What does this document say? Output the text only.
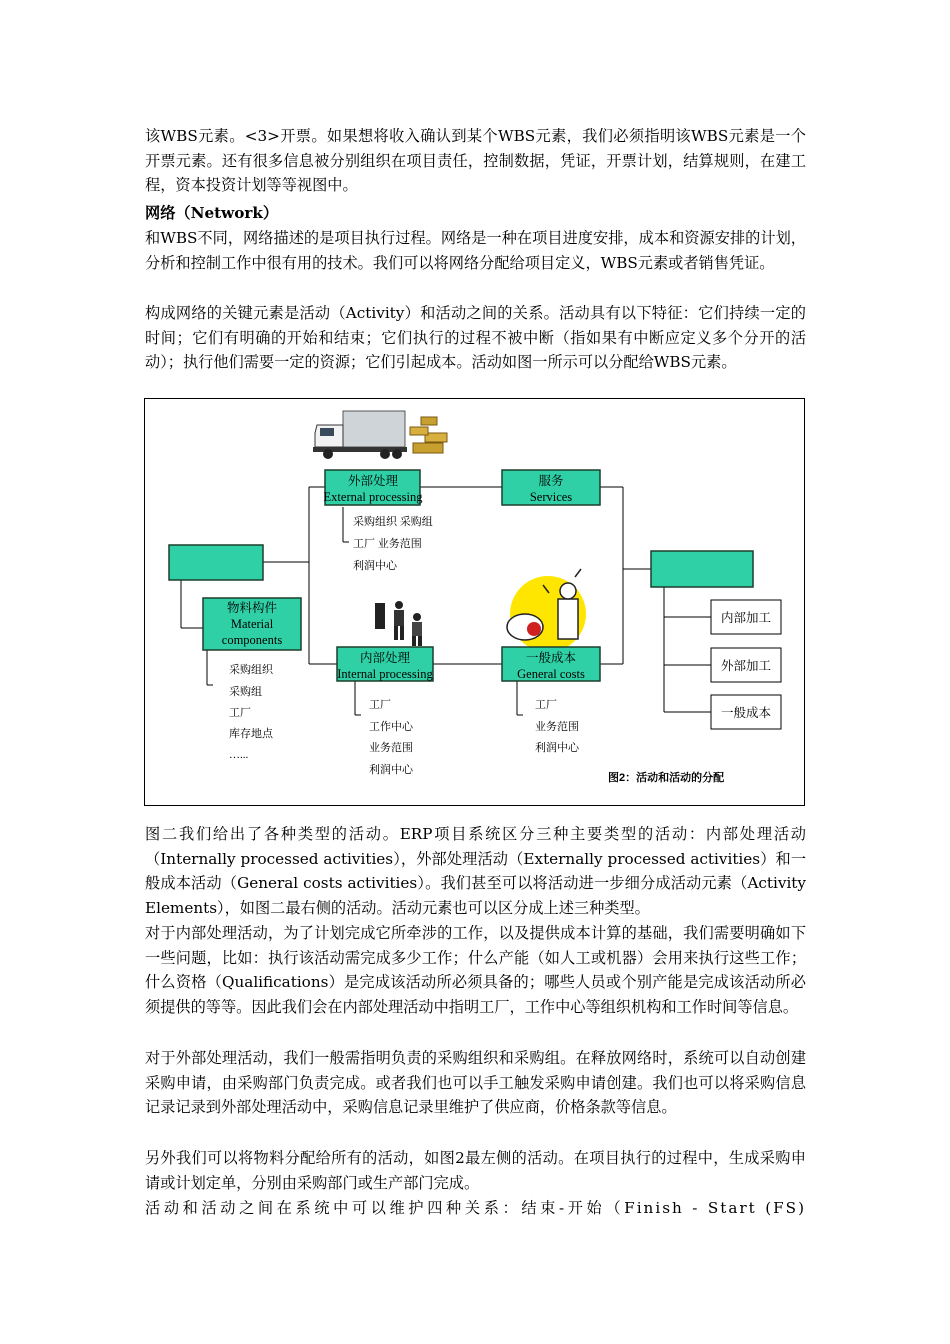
该WBS元素。<3>开票。如果想将收入确认到某个WBS元素，我们必须指明该WBS元素是一个开票元素。还有很多信息被分别组织在项目责任，控制数据，凭证，开票计划，结算规则，在建工程，资本投资计划等等视图中。

网络（Network）

和WBS不同，网络描述的是项目执行过程。网络是一种在项目进度安排，成本和资源安排的计划，分析和控制工作中很有用的技术。我们可以将网络分配给项目定义，WBS元素或者销售凭证。

构成网络的关键元素是活动（Activity）和活动之间的关系。活动具有以下特征：它们持续一定的时间；它们有明确的开始和结束；它们执行的过程不被中断（指如果有中断应定义多个分开的活动）；执行他们需要一定的资源；它们引起成本。活动如图一所示可以分配给WBS元素。

外部处理
External processing
采购组织 采购组
工厂 业务范围
利润中心
服务
Services
物料构件
Material
components
采购组织
采购组
工厂
库存地点
…...
内部处理
Internal processing
工厂
工作中心
业务范围
利润中心
一般成本
General costs
工厂
业务范围
利润中心
内部加工
外部加工
一般成本
图2：活动和活动的分配

图二我们给出了各种类型的活动。ERP项目系统区分三种主要类型的活动：内部处理活动（Internally processed activities），外部处理活动（Externally processed activities）和一般成本活动（General costs activities）。我们甚至可以将活动进一步细分成活动元素（Activity Elements），如图二最右侧的活动。活动元素也可以区分成上述三种类型。

对于内部处理活动，为了计划完成它所牵涉的工作，以及提供成本计算的基础，我们需要明确如下一些问题，比如：执行该活动需完成多少工作；什么产能（如人工或机器）会用来执行这些工作；什么资格（Qualifications）是完成该活动所必须具备的；哪些人员或个别产能是完成该活动所必须提供的等等。因此我们会在内部处理活动中指明工厂，工作中心等组织机构和工作时间等信息。

对于外部处理活动，我们一般需指明负责的采购组织和采购组。在释放网络时，系统可以自动创建采购申请，由采购部门负责完成。或者我们也可以手工触发采购申请创建。我们也可以将采购信息记录记录到外部处理活动中，采购信息记录里维护了供应商，价格条款等信息。

另外我们可以将物料分配给所有的活动，如图2最左侧的活动。在项目执行的过程中，生成采购申请或计划定单，分别由采购部门或生产部门完成。

活动和活动之间在系统中可以维护四种关系：结束-开始（Finish - Start (FS)
